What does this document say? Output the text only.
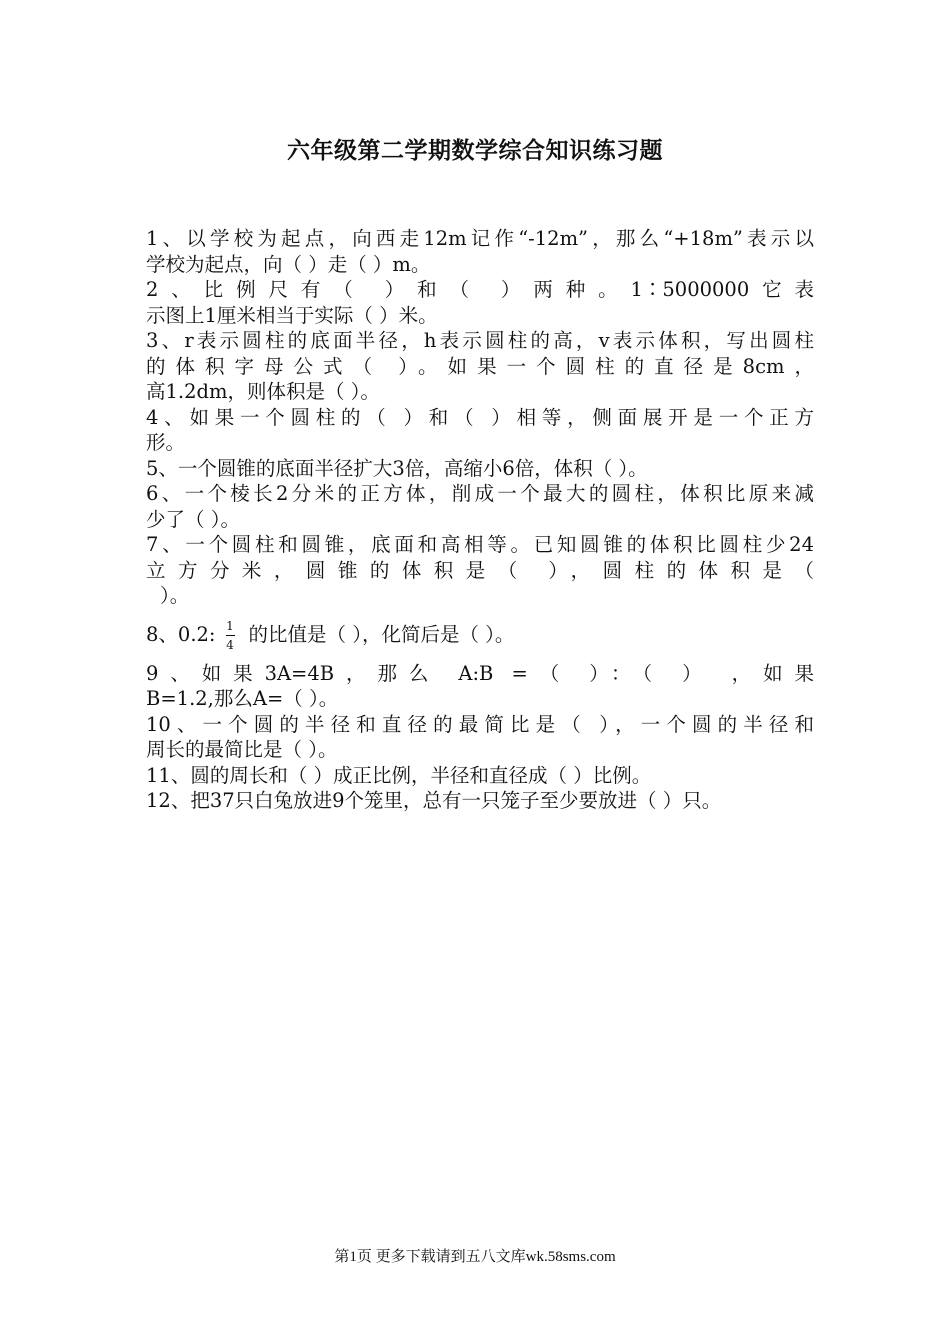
六年级第二学期数学综合知识练习题
1、以学校为起点，向西走12m记作“-12m”，那么“+18m”表示以
学校为起点，向（ ）走（ ）m。
2、比例尺有（ ）和（ ）两种。1∶5000000它表
示图上1厘米相当于实际（ ）米。
3、r表示圆柱的底面半径，h表示圆柱的高，v表示体积，写出圆柱
的体积字母公式（ ）。如果一个圆柱的直径是8cm，
高1.2dm，则体积是（ ）。
4、如果一个圆柱的（ ）和（ ）相等，侧面展开是一个正方
形。
5、一个圆锥的底面半径扩大3倍，高缩小6倍，体积（ ）。
6、一个棱长2分米的正方体，削成一个最大的圆柱，体积比原来减
少了（ ）。
7、一个圆柱和圆锥，底面和高相等。已知圆锥的体积比圆柱少24
立方分米，圆锥的体积是（ ），圆柱的体积是（
）。
8、0.2: $\frac{1}{4}$ 的比值是（ ），化简后是（ ）。
9、如果3A=4B，那么 A:B =（ ）：（ ） ，如果
B=1.2,那么A=（ ）。
10、一个圆的半径和直径的最简比是（ ），一个圆的半径和
周长的最简比是（ ）。
11、圆的周长和（ ）成正比例，半径和直径成（ ）比例。
12、把37只白兔放进9个笼里，总有一只笼子至少要放进（ ）只。
第1页 更多下载请到五八文库wk.58sms.com
